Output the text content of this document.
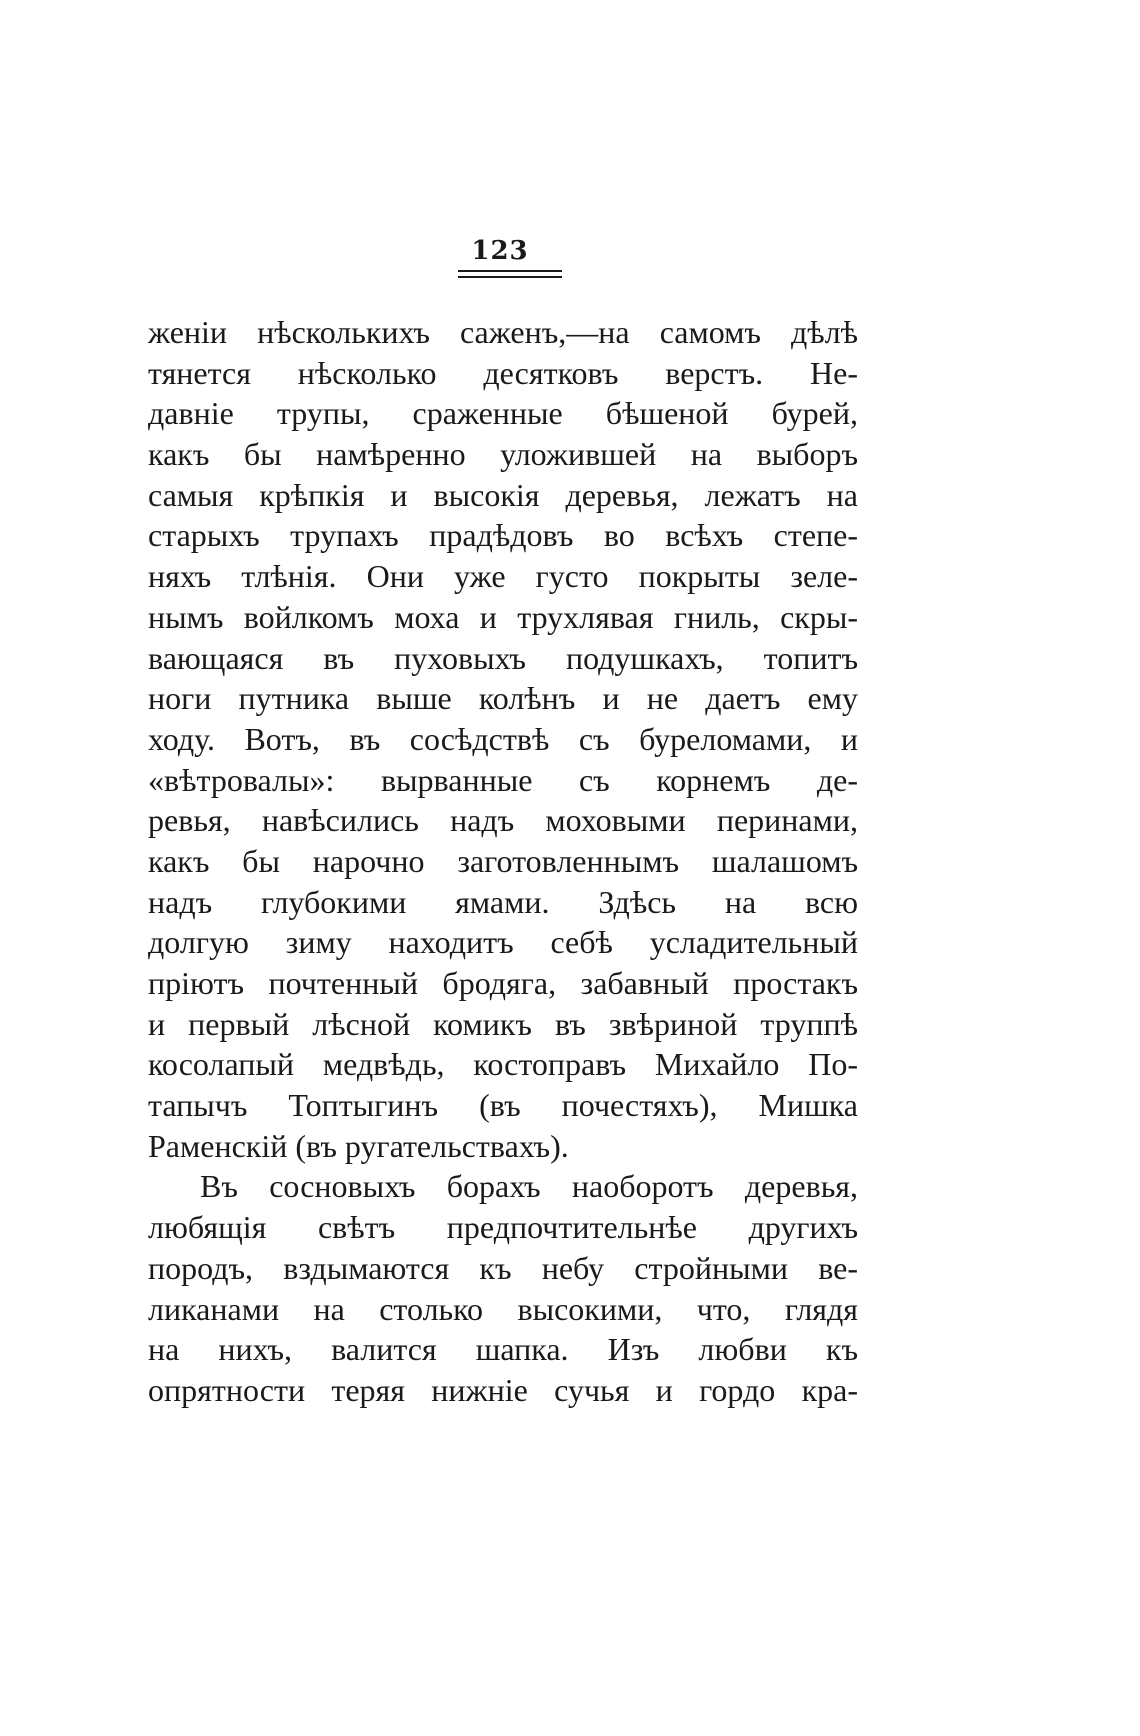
123
женіи нѣсколькихъ саженъ,—на самомъ дѣлѣ
тянется нѣсколько десятковъ верстъ. Не-
давніе трупы, сраженные бѣшеной бурей,
какъ бы намѣренно уложившей на выборъ
самыя крѣпкія и высокія деревья, лежатъ на
старыхъ трупахъ прадѣдовъ во всѣхъ степе-
няхъ тлѣнія. Они уже густо покрыты зеле-
нымъ войлкомъ моха и трухлявая гниль, скры-
вающаяся въ пуховыхъ подушкахъ, топитъ
ноги путника выше колѣнъ и не даетъ ему
ходу. Вотъ, въ сосѣдствѣ съ буреломами, и
«вѣтровалы»: вырванные съ корнемъ де-
ревья, навѣсились надъ моховыми перинами,
какъ бы нарочно заготовленнымъ шалашомъ
надъ глубокими ямами. Здѣсь на всю
долгую зиму находитъ себѣ усладительный
пріютъ почтенный бродяга, забавный простакъ
и первый лѣсной комикъ въ звѣриной труппѣ
косолапый медвѣдь, костоправъ Михайло По-
тапычъ Топтыгинъ (въ почестяхъ), Мишка
Раменскій (въ ругательствахъ).
Въ сосновыхъ борахъ наоборотъ деревья,
любящія свѣтъ предпочтительнѣе другихъ
породъ, вздымаются къ небу стройными ве-
ликанами на столько высокими, что, глядя
на нихъ, валится шапка. Изъ любви къ
опрятности теряя нижніе сучья и гордо кра-
